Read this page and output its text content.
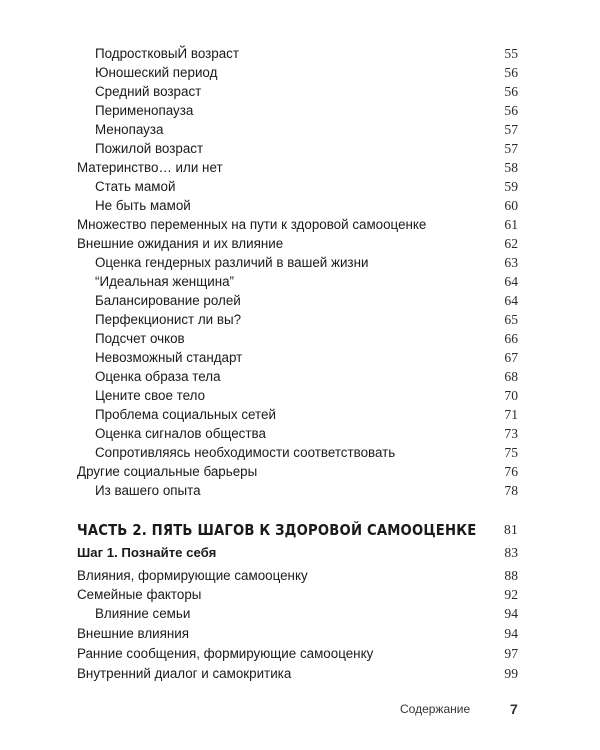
ПодростковыЙ возраст	55
Юношеский период	56
Средний возраст	56
Перименопауза	56
Менопауза	57
Пожилой возраст	57
Материнство… или нет	58
Стать мамой	59
Не быть мамой	60
Множество переменных на пути к здоровой самооценке	61
Внешние ожидания и их влияние	62
Оценка гендерных различий в вашей жизни	63
“Идеальная женщина”	64
Балансирование ролей	64
Перфекционист ли вы?	65
Подсчет очков	66
Невозможный стандарт	67
Оценка образа тела	68
Цените свое тело	70
Проблема социальных сетей	71
Оценка сигналов общества	73
Сопротивляясь необходимости соответствовать	75
Другие социальные барьеры	76
Из вашего опыта	78
ЧАСТЬ 2. ПЯТЬ ШАГОВ К ЗДОРОВОЙ САМООЦЕНКЕ	81
Шаг 1. Познайте себя	83
Влияния, формирующие самооценку	88
Семейные факторы	92
Влияние семьи	94
Внешние влияния	94
Ранние сообщения, формирующие самооценку	97
Внутренний диалог и самокритика	99
Содержание	7
